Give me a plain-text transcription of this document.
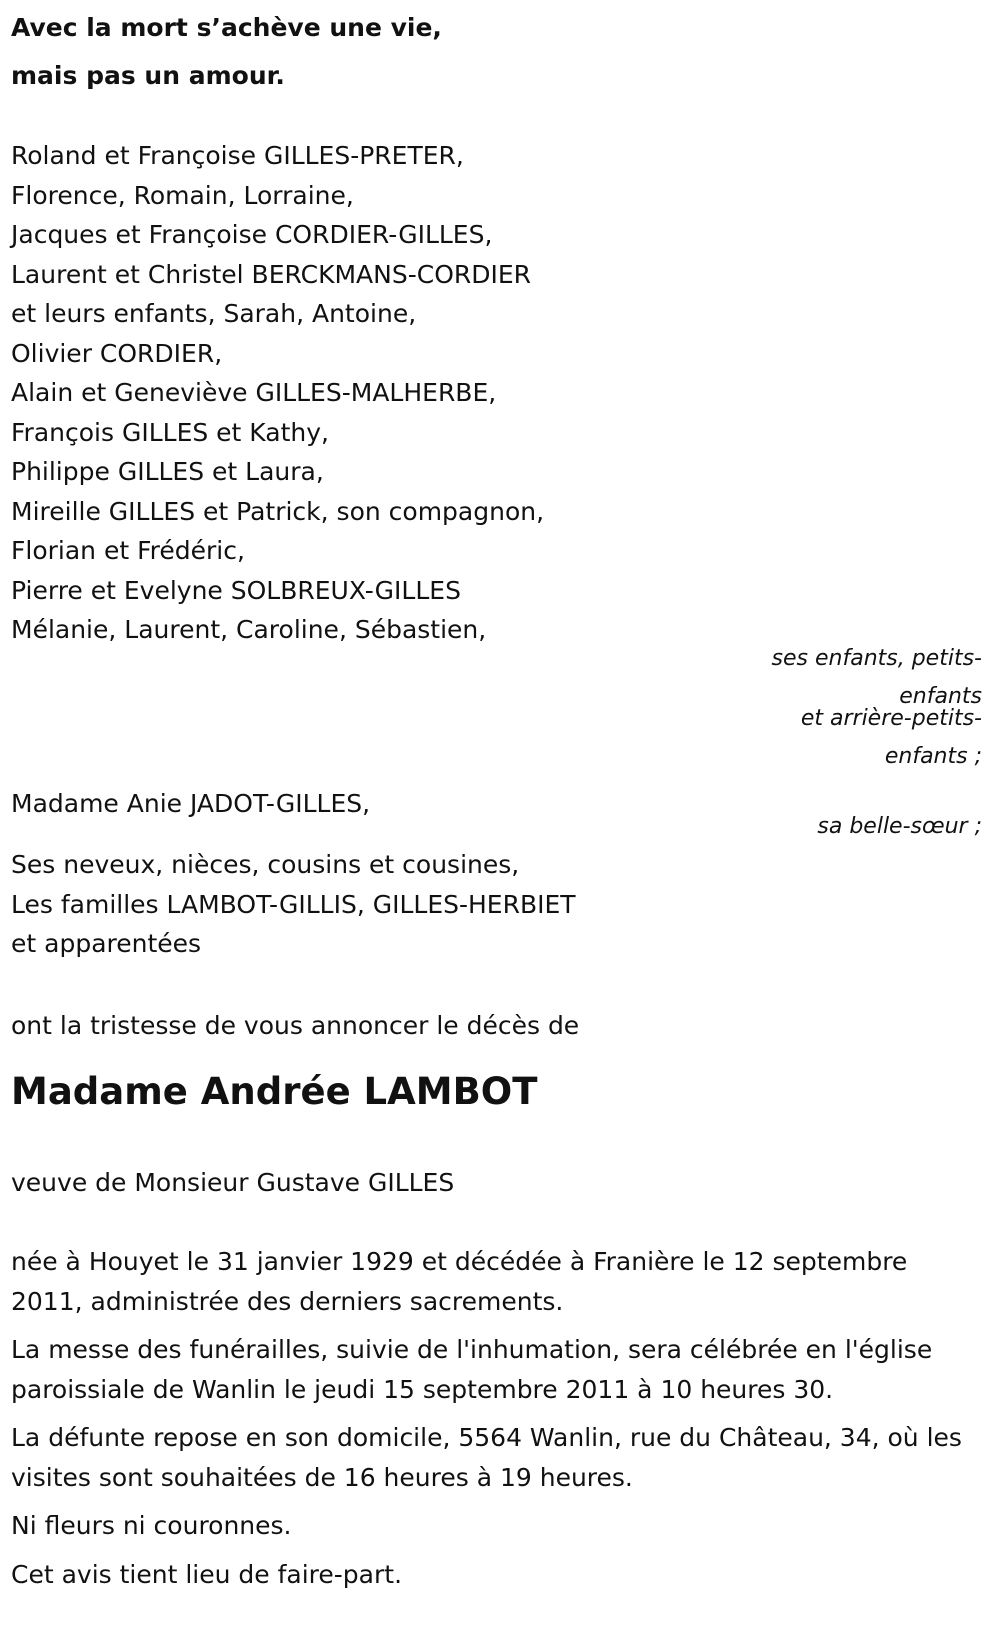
Avec la mort s’achève une vie,
mais pas un amour.
Roland et Françoise GILLES-PRETER,
Florence, Romain, Lorraine,
Jacques et Françoise CORDIER-GILLES,
Laurent et Christel BERCKMANS-CORDIER
et leurs enfants, Sarah, Antoine,
Olivier CORDIER,
Alain et Geneviève GILLES-MALHERBE,
François GILLES et Kathy,
Philippe GILLES et Laura,
Mireille GILLES et Patrick, son compagnon,
Florian et Frédéric,
Pierre et Evelyne SOLBREUX-GILLES
Mélanie, Laurent, Caroline, Sébastien,
ses enfants, petits-enfants
et arrière-petits-enfants ;
Madame Anie JADOT-GILLES,
sa belle-sœur ;
Ses neveux, nièces, cousins et cousines,
Les familles LAMBOT-GILLIS, GILLES-HERBIET
et apparentées
ont la tristesse de vous annoncer le décès de
Madame Andrée LAMBOT
veuve de Monsieur Gustave GILLES

née à Houyet le 31 janvier 1929 et décédée à Franière le 12 septembre 2011, administrée des derniers sacrements.

La messe des funérailles, suivie de l'inhumation, sera célébrée en l'église paroissiale de Wanlin le jeudi 15 septembre 2011 à 10 heures 30.

La défunte repose en son domicile, 5564 Wanlin, rue du Château, 34, où les visites sont souhaitées de 16 heures à 19 heures.

Ni fleurs ni couronnes.

Cet avis tient lieu de faire-part.
